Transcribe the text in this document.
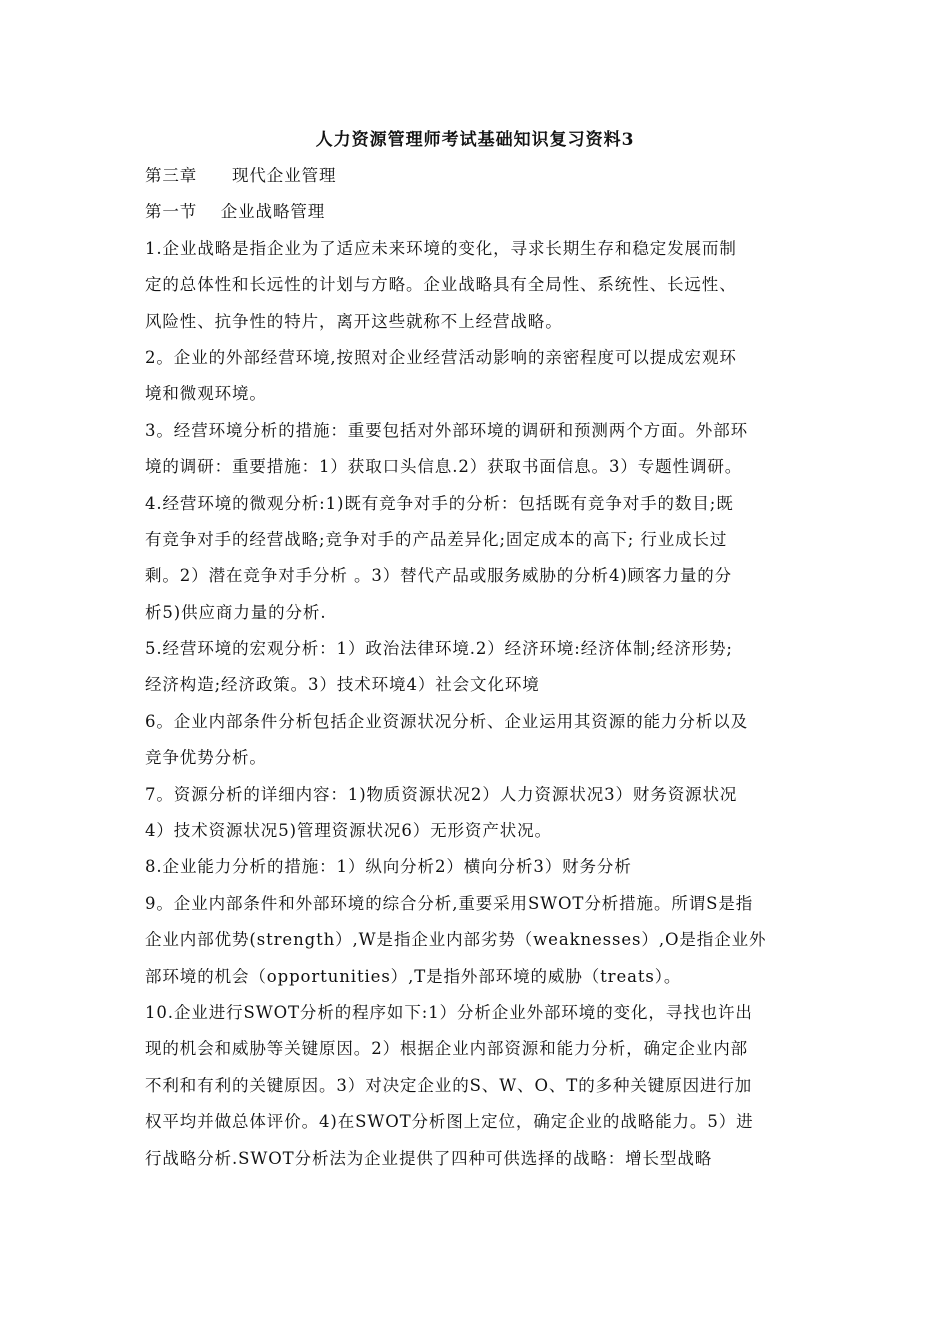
人力资源管理师考试基础知识复习资料3
第三章　　现代企业管理
第一节　 企业战略管理
1.企业战略是指企业为了适应未来环境的变化，寻求长期生存和稳定发展而制
定的总体性和长远性的计划与方略。企业战略具有全局性、系统性、长远性、
风险性、抗争性的特片，离开这些就称不上经营战略。
2。企业的外部经营环境,按照对企业经营活动影响的亲密程度可以提成宏观环
境和微观环境。
3。经营环境分析的措施：重要包括对外部环境的调研和预测两个方面。外部环
境的调研：重要措施：1）获取口头信息.2）获取书面信息。3）专题性调研。
4.经营环境的微观分析:1)既有竞争对手的分析：包括既有竞争对手的数目;既
有竞争对手的经营战略;竞争对手的产品差异化;固定成本的高下; 行业成长过
剩。2）潜在竞争对手分析 。3）替代产品或服务威胁的分析4)顾客力量的分
析5)供应商力量的分析.
5.经营环境的宏观分析：1）政治法律环境.2）经济环境:经济体制;经济形势;
经济构造;经济政策。3）技术环境4）社会文化环境
6。企业内部条件分析包括企业资源状况分析、企业运用其资源的能力分析以及
竞争优势分析。
7。资源分析的详细内容：1)物质资源状况2）人力资源状况3）财务资源状况
4）技术资源状况5)管理资源状况6）无形资产状况。
8.企业能力分析的措施：1）纵向分析2）横向分析3）财务分析
9。企业内部条件和外部环境的综合分析,重要采用SWOT分析措施。所谓S是指
企业内部优势(strength）,W是指企业内部劣势（weaknesses）,O是指企业外
部环境的机会（opportunities）,T是指外部环境的威胁（treats）。
10.企业进行SWOT分析的程序如下:1）分析企业外部环境的变化，寻找也许出
现的机会和威胁等关键原因。2）根据企业内部资源和能力分析，确定企业内部
不利和有利的关键原因。3）对决定企业的S、W、O、T的多种关键原因进行加
权平均并做总体评价。4)在SWOT分析图上定位，确定企业的战略能力。5）进
行战略分析.SWOT分析法为企业提供了四种可供选择的战略：增长型战略
